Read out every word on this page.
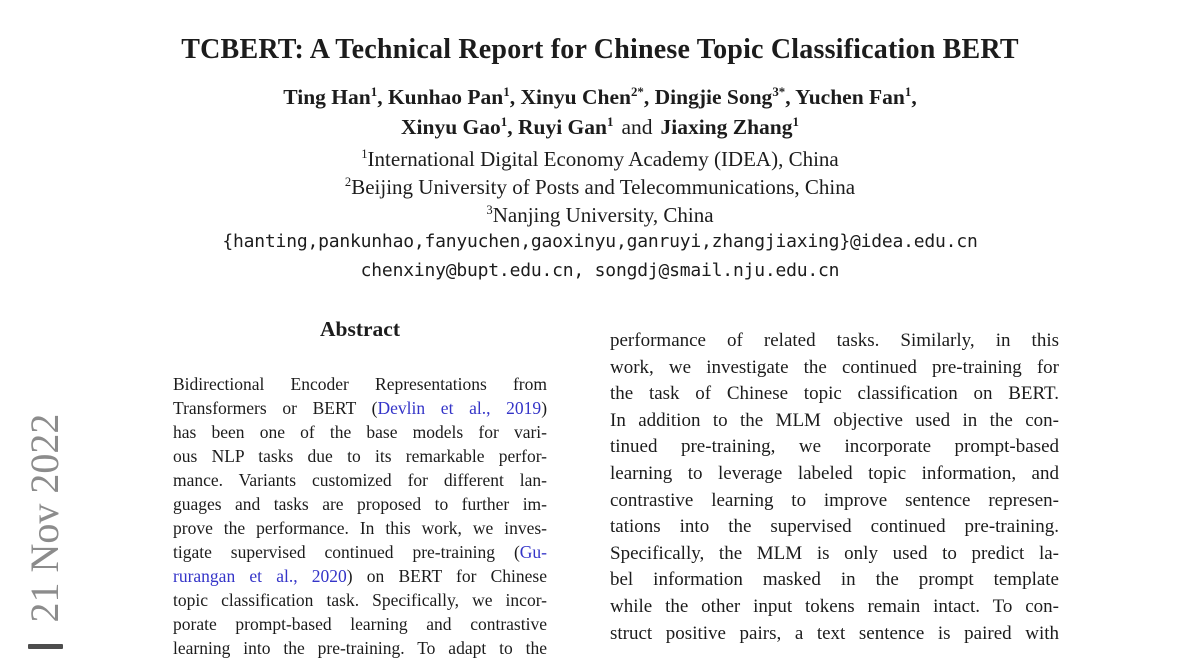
TCBERT: A Technical Report for Chinese Topic Classification BERT
Ting Han$^1$, Kunhao Pan$^1$, Xinyu Chen$^{2*}$, Dingjie Song$^{3*}$, Yuchen Fan$^1$,
Xinyu Gao$^1$, Ruyi Gan$^1$ and Jiaxing Zhang$^1$
$^1$International Digital Economy Academy (IDEA), China
$^2$Beijing University of Posts and Telecommunications, China
$^3$Nanjing University, China
{hanting,pankunhao,fanyuchen,gaoxinyu,ganruyi,zhangjiaxing}@idea.edu.cn
chenxiny@bupt.edu.cn, songdj@smail.nju.edu.cn
Abstract
Bidirectional Encoder Representations from
Transformers or BERT (Devlin et al., 2019)
has been one of the base models for vari-
ous NLP tasks due to its remarkable perfor-
mance. Variants customized for different lan-
guages and tasks are proposed to further im-
prove the performance. In this work, we inves-
tigate supervised continued pre-training (Gu-
rurangan et al., 2020) on BERT for Chinese
topic classification task. Specifically, we incor-
porate prompt-based learning and contrastive
learning into the pre-training. To adapt to the
performance of related tasks. Similarly, in this
work, we investigate the continued pre-training for
the task of Chinese topic classification on BERT.
In addition to the MLM objective used in the con-
tinued pre-training, we incorporate prompt-based
learning to leverage labeled topic information, and
contrastive learning to improve sentence represen-
tations into the supervised continued pre-training.
Specifically, the MLM is only used to predict la-
bel information masked in the prompt template
while the other input tokens remain intact. To con-
struct positive pairs, a text sentence is paired with
21 Nov 2022
